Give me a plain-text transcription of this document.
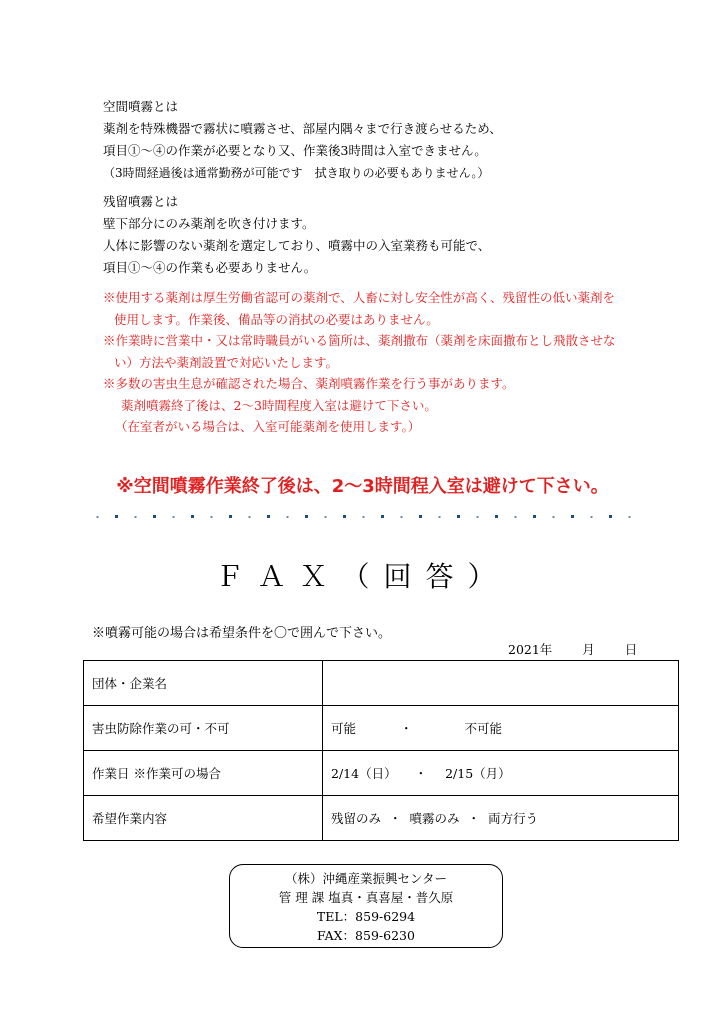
空間噴霧とは
薬剤を特殊機器で霧状に噴霧させ、部屋内隅々まで行き渡らせるため、
項目①～④の作業が必要となり又、作業後3時間は入室できません。
（3時間経過後は通常勤務が可能です　拭き取りの必要もありません。）
残留噴霧とは
壁下部分にのみ薬剤を吹き付けます。
人体に影響のない薬剤を選定しており、噴霧中の入室業務も可能で、
項目①～④の作業も必要ありません。
※使用する薬剤は厚生労働省認可の薬剤で、人畜に対し安全性が高く、残留性の低い薬剤を
使用します。作業後、備品等の消拭の必要はありません。
※作業時に営業中・又は常時職員がいる箇所は、薬剤撒布（薬剤を床面撒布とし飛散させな
い）方法や薬剤設置で対応いたします。
※多数の害虫生息が確認された場合、薬剤噴霧作業を行う事があります。
薬剤噴霧終了後は、2～3時間程度入室は避けて下さい。
（在室者がいる場合は、入室可能薬剤を使用します。）
※空間噴霧作業終了後は、2～3時間程入室は避けて下さい。
ＦＡＸ（回答）
※噴霧可能の場合は希望条件を〇で囲んで下さい。
2021年 月 日
団体・企業名	
害虫防除作業の可・不可	可能 ・ 不可能
作業日 ※作業可の場合	2/14（日） ・ 2/15（月）
希望作業内容	残留のみ ・ 噴霧のみ ・ 両方行う
（株）沖縄産業振興センター
管 理 課 塩真・真喜屋・普久原
TEL：859-6294
FAX：859-6230
